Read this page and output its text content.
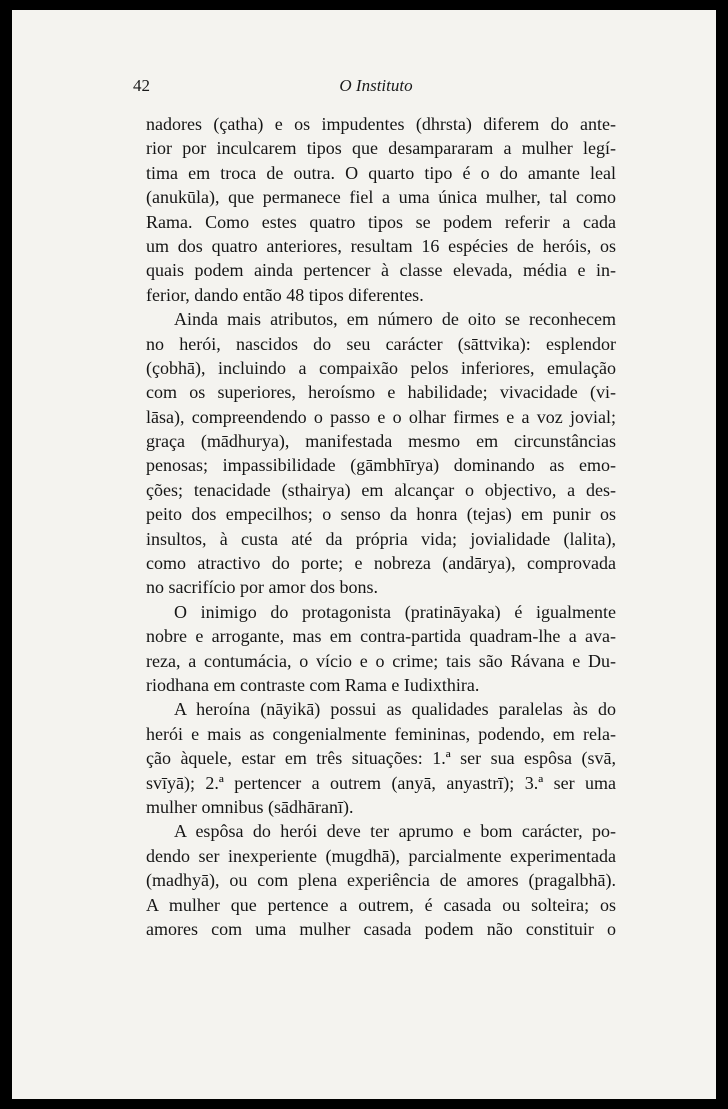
42	O Instituto
nadores (çatha) e os impudentes (dhrsta) diferem do ante-
rior por inculcarem tipos que desampararam a mulher legí-
tima em troca de outra. O quarto tipo é o do amante leal
(anukūla), que permanece fiel a uma única mulher, tal como
Rama. Como estes quatro tipos se podem referir a cada
um dos quatro anteriores, resultam 16 espécies de heróis, os
quais podem ainda pertencer à classe elevada, média e in-
ferior, dando então 48 tipos diferentes.
Ainda mais atributos, em número de oito se reconhecem
no herói, nascidos do seu carácter (sāttvika): esplendor
(çobhā), incluindo a compaixão pelos inferiores, emulação
com os superiores, heroísmo e habilidade; vivacidade (vi-
lāsa), compreendendo o passo e o olhar firmes e a voz jovial;
graça (mādhurya), manifestada mesmo em circunstâncias
penosas; impassibilidade (gāmbhīrya) dominando as emo-
ções; tenacidade (sthairya) em alcançar o objectivo, a des-
peito dos empecilhos; o senso da honra (tejas) em punir os
insultos, à custa até da própria vida; jovialidade (lalita),
como atractivo do porte; e nobreza (andārya), comprovada
no sacrifício por amor dos bons.
O inimigo do protagonista (pratināyaka) é igualmente
nobre e arrogante, mas em contra-partida quadram-lhe a ava-
reza, a contumácia, o vício e o crime; tais são Rávana e Du-
riodhana em contraste com Rama e Iudixthira.
A heroína (nāyikā) possui as qualidades paralelas às do
herói e mais as congenialmente femininas, podendo, em rela-
ção àquele, estar em três situações: 1.ª ser sua espôsa (svā,
svīyā); 2.ª pertencer a outrem (anyā, anyastrī); 3.ª ser uma
mulher omnibus (sādhāranī).
A espôsa do herói deve ter aprumo e bom carácter, po-
dendo ser inexperiente (mugdhā), parcialmente experimentada
(madhyā), ou com plena experiência de amores (pragalbhā).
A mulher que pertence a outrem, é casada ou solteira; os
amores com uma mulher casada podem não constituir o
